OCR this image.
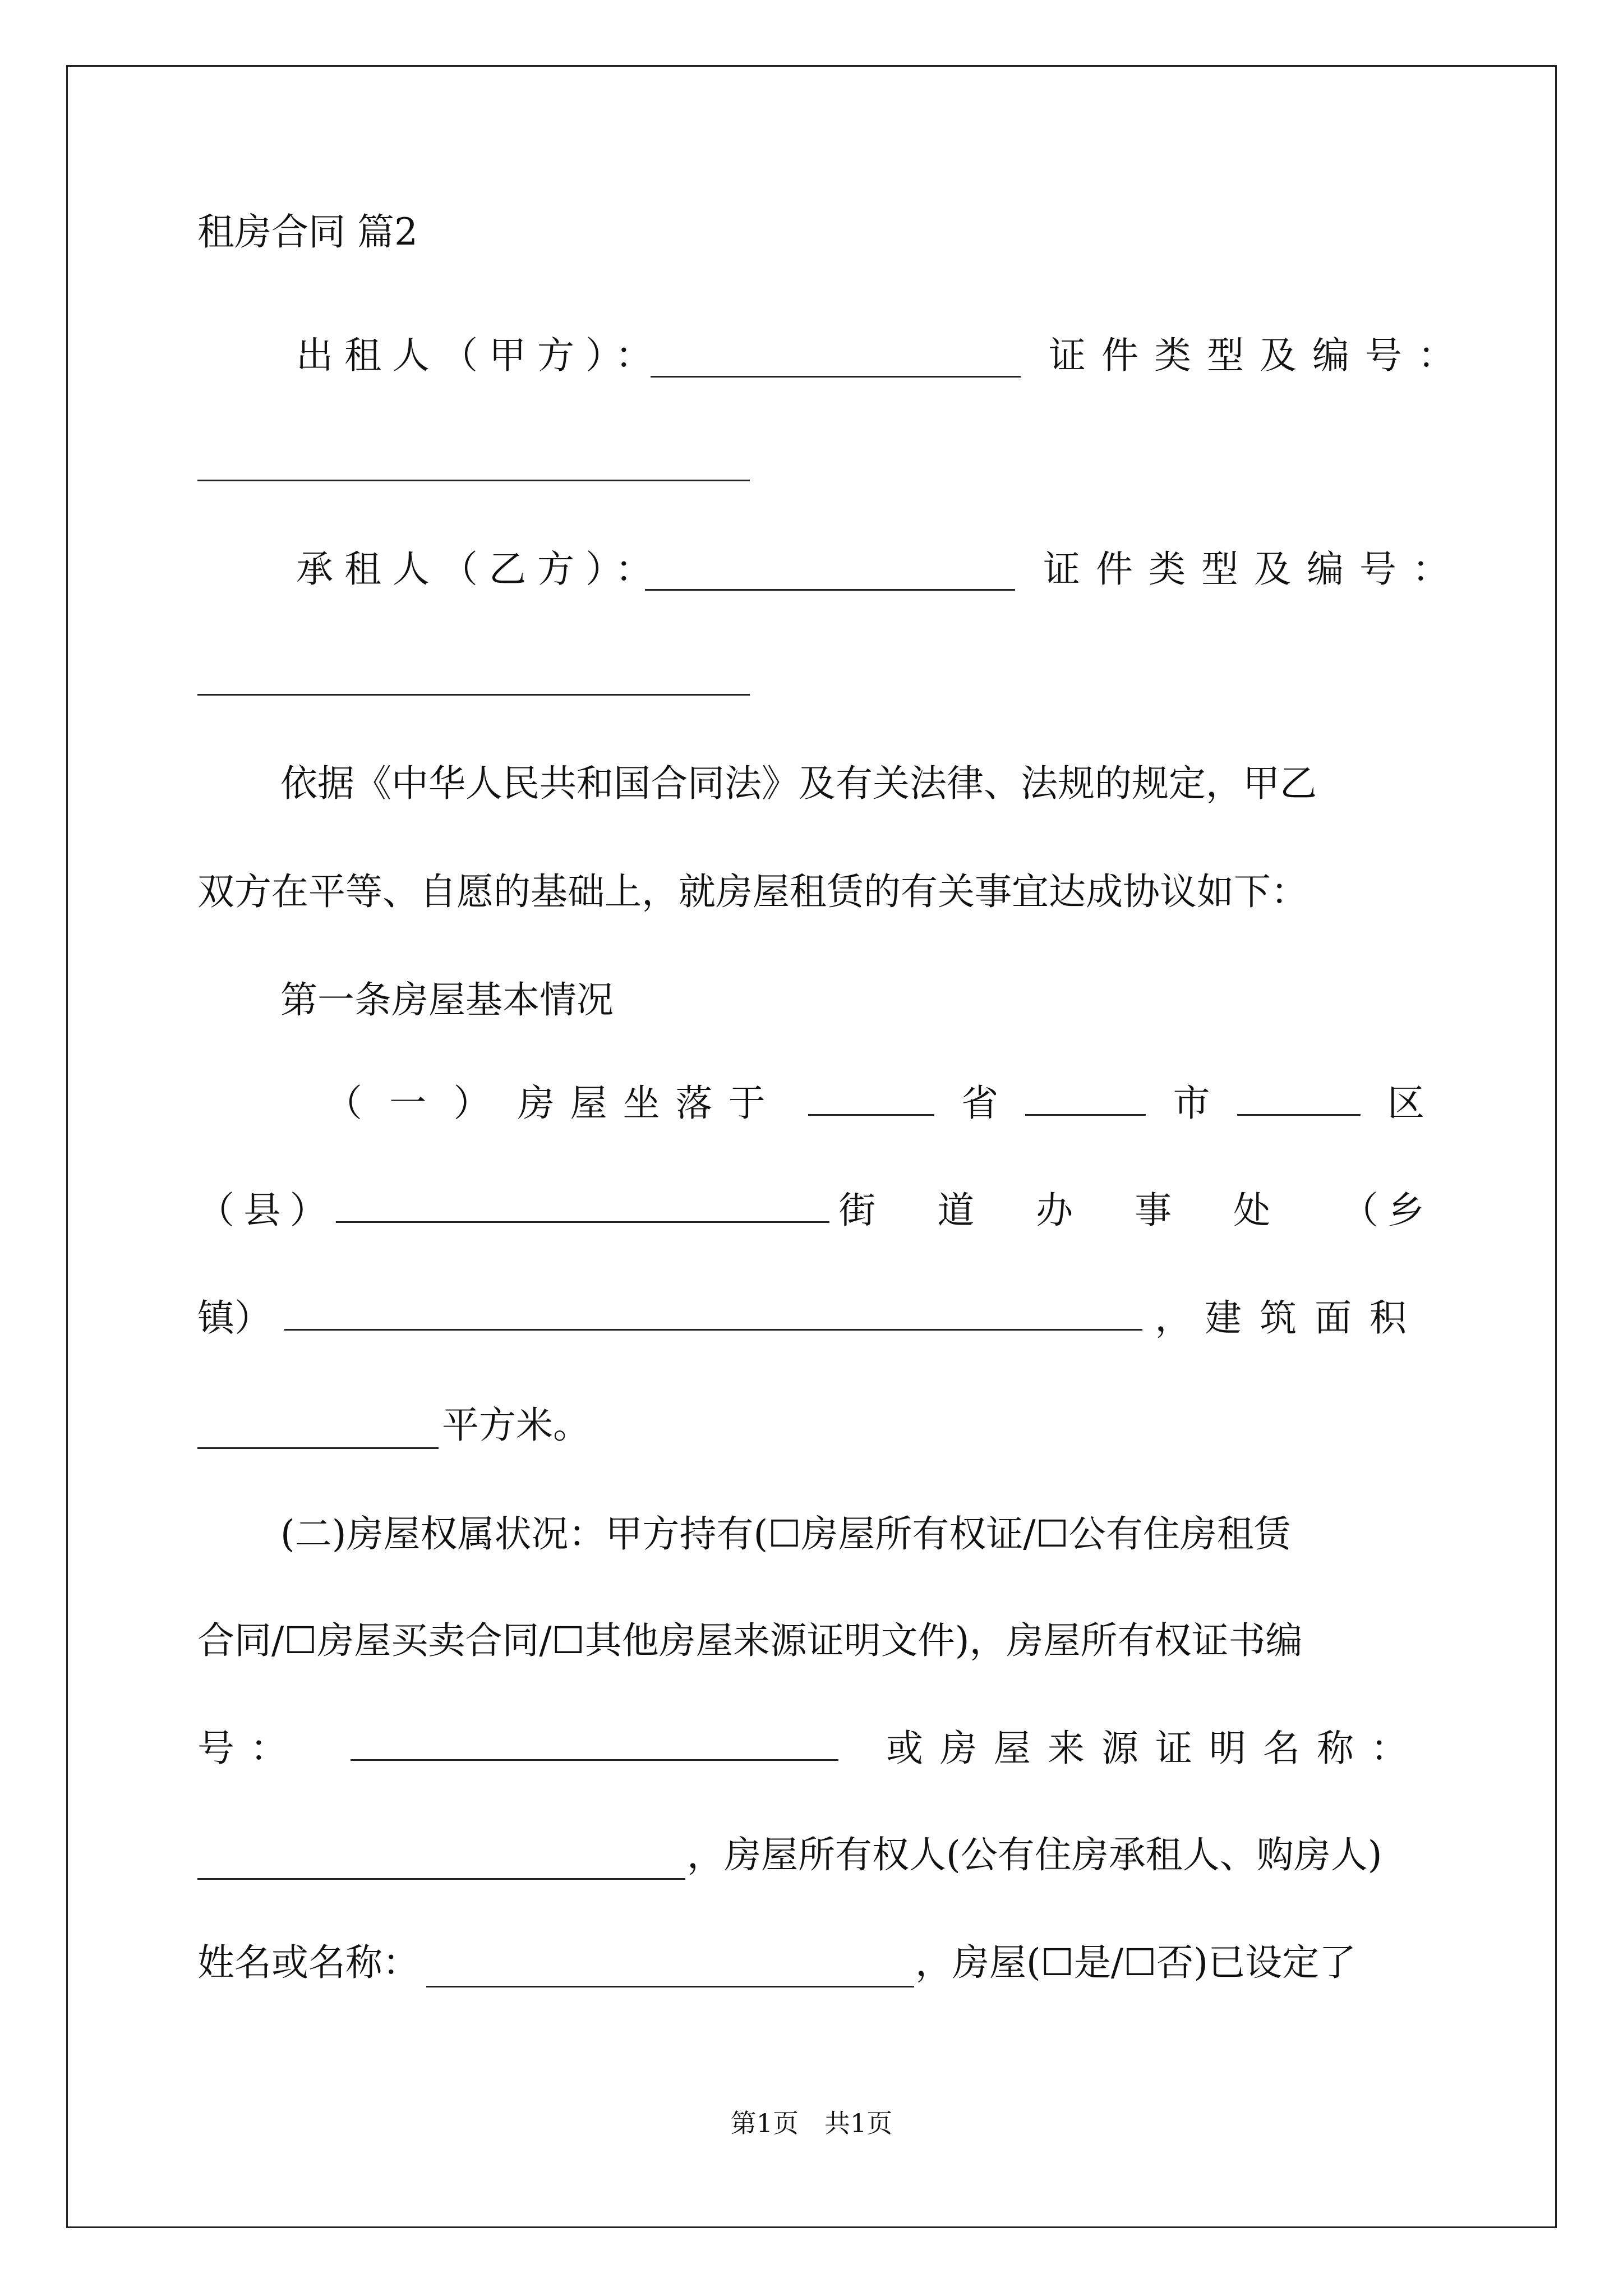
租房合同 篇2
出租人（甲方）：	证件类型及编号：
承租人（乙方）：	证件类型及编号：
依据《中华人民共和国合同法》及有关法律、法规的规定，甲乙
双方在平等、自愿的基础上，就房屋租赁的有关事宜达成协议如下：
第一条房屋基本情况
（ 一 ） 房屋坐落于	省	市	区
（ 县 ）	街道办事处 （ 乡
镇）	， 建筑面积
平方米。
(二)房屋权属状况：甲方持有(☐房屋所有权证/☐公有住房租赁
合同/☐房屋买卖合同/☐其他房屋来源证明文件)，房屋所有权证书编
号：	或房屋来源证明名称：
，房屋所有权人(公有住房承租人、购房人)
姓名或名称：	，房屋(☐是/☐否)已设定了
第1页　共1页
